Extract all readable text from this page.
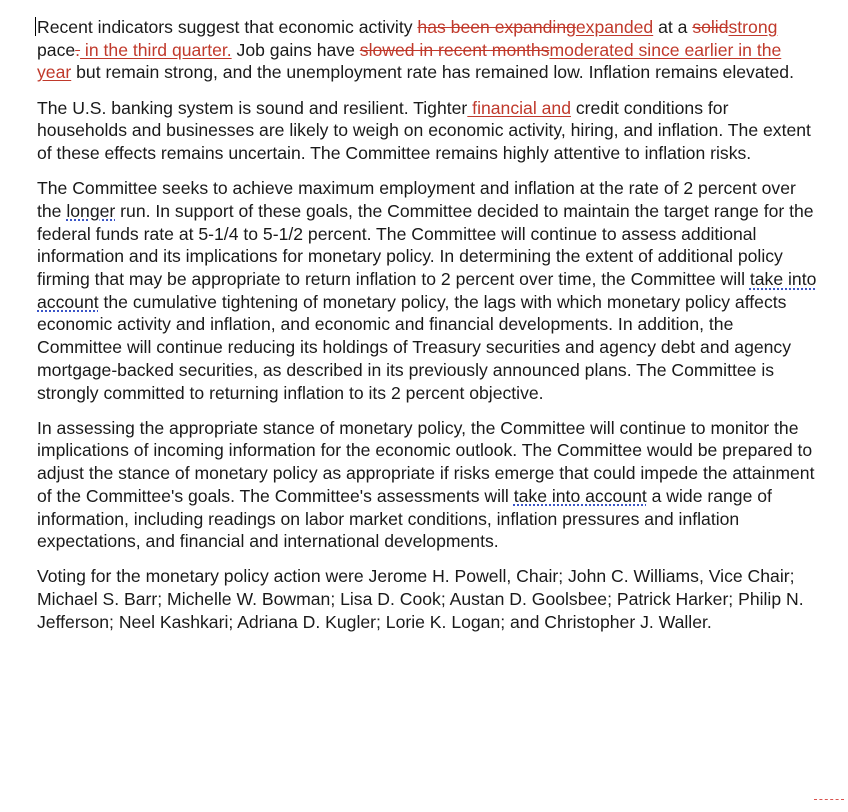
Recent indicators suggest that economic activity has been expandingexpanded at a solidstrong pace. in the third quarter. Job gains have slowed in recent monthsmoderated since earlier in the year but remain strong, and the unemployment rate has remained low. Inflation remains elevated.

The U.S. banking system is sound and resilient. Tighter financial and credit conditions for households and businesses are likely to weigh on economic activity, hiring, and inflation. The extent of these effects remains uncertain. The Committee remains highly attentive to inflation risks.

The Committee seeks to achieve maximum employment and inflation at the rate of 2 percent over the longer run. In support of these goals, the Committee decided to maintain the target range for the federal funds rate at 5-1/4 to 5-1/2 percent. The Committee will continue to assess additional information and its implications for monetary policy. In determining the extent of additional policy firming that may be appropriate to return inflation to 2 percent over time, the Committee will take into account the cumulative tightening of monetary policy, the lags with which monetary policy affects economic activity and inflation, and economic and financial developments. In addition, the Committee will continue reducing its holdings of Treasury securities and agency debt and agency mortgage-backed securities, as described in its previously announced plans. The Committee is strongly committed to returning inflation to its 2 percent objective.

In assessing the appropriate stance of monetary policy, the Committee will continue to monitor the implications of incoming information for the economic outlook. The Committee would be prepared to adjust the stance of monetary policy as appropriate if risks emerge that could impede the attainment of the Committee's goals. The Committee's assessments will take into account a wide range of information, including readings on labor market conditions, inflation pressures and inflation expectations, and financial and international developments.

Voting for the monetary policy action were Jerome H. Powell, Chair; John C. Williams, Vice Chair; Michael S. Barr; Michelle W. Bowman; Lisa D. Cook; Austan D. Goolsbee; Patrick Harker; Philip N. Jefferson; Neel Kashkari; Adriana D. Kugler; Lorie K. Logan; and Christopher J. Waller.
